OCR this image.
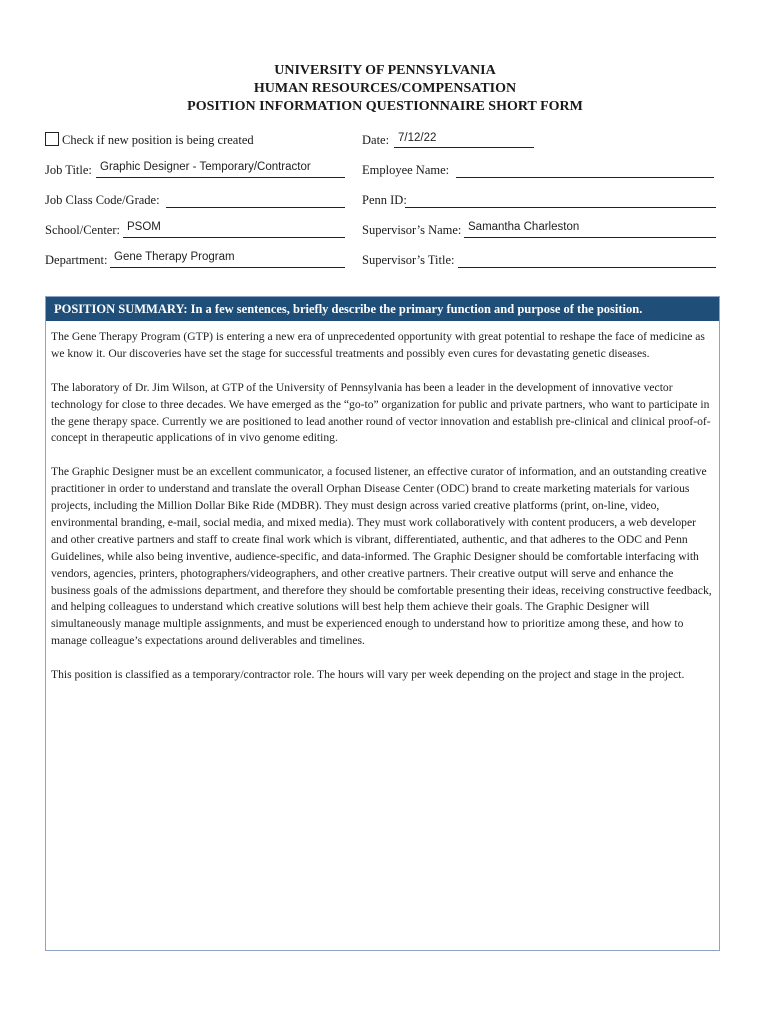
UNIVERSITY OF PENNSYLVANIA
HUMAN RESOURCES/COMPENSATION
POSITION INFORMATION QUESTIONNAIRE SHORT FORM
Check if new position is being created	Date: 7/12/22
Job Title: Graphic Designer - Temporary/Contractor	Employee Name:
Job Class Code/Grade:	Penn ID:
School/Center: PSOM	Supervisor’s Name: Samantha Charleston
Department: Gene Therapy Program	Supervisor’s Title:
POSITION SUMMARY: In a few sentences, briefly describe the primary function and purpose of the position.

The Gene Therapy Program (GTP) is entering a new era of unprecedented opportunity with great potential to reshape the face of medicine as we know it. Our discoveries have set the stage for successful treatments and possibly even cures for devastating genetic diseases.

The laboratory of Dr. Jim Wilson, at GTP of the University of Pennsylvania has been a leader in the development of innovative vector technology for close to three decades. We have emerged as the “go-to” organization for public and private partners, who want to participate in the gene therapy space. Currently we are positioned to lead another round of vector innovation and establish pre-clinical and clinical proof-of-concept in therapeutic applications of in vivo genome editing.

The Graphic Designer must be an excellent communicator, a focused listener, an effective curator of information, and an outstanding creative practitioner in order to understand and translate the overall Orphan Disease Center (ODC) brand to create marketing materials for various projects, including the Million Dollar Bike Ride (MDBR). They must design across varied creative platforms (print, on-line, video, environmental branding, e-mail, social media, and mixed media). They must work collaboratively with content producers, a web developer and other creative partners and staff to create final work which is vibrant, differentiated, authentic, and that adheres to the ODC and Penn Guidelines, while also being inventive, audience-specific, and data-informed. The Graphic Designer should be comfortable interfacing with vendors, agencies, printers, photographers/videographers, and other creative partners. Their creative output will serve and enhance the business goals of the admissions department, and therefore they should be comfortable presenting their ideas, receiving constructive feedback, and helping colleagues to understand which creative solutions will best help them achieve their goals. The Graphic Designer will simultaneously manage multiple assignments, and must be experienced enough to understand how to prioritize among these, and how to manage colleague’s expectations around deliverables and timelines.

This position is classified as a temporary/contractor role. The hours will vary per week depending on the project and stage in the project.
